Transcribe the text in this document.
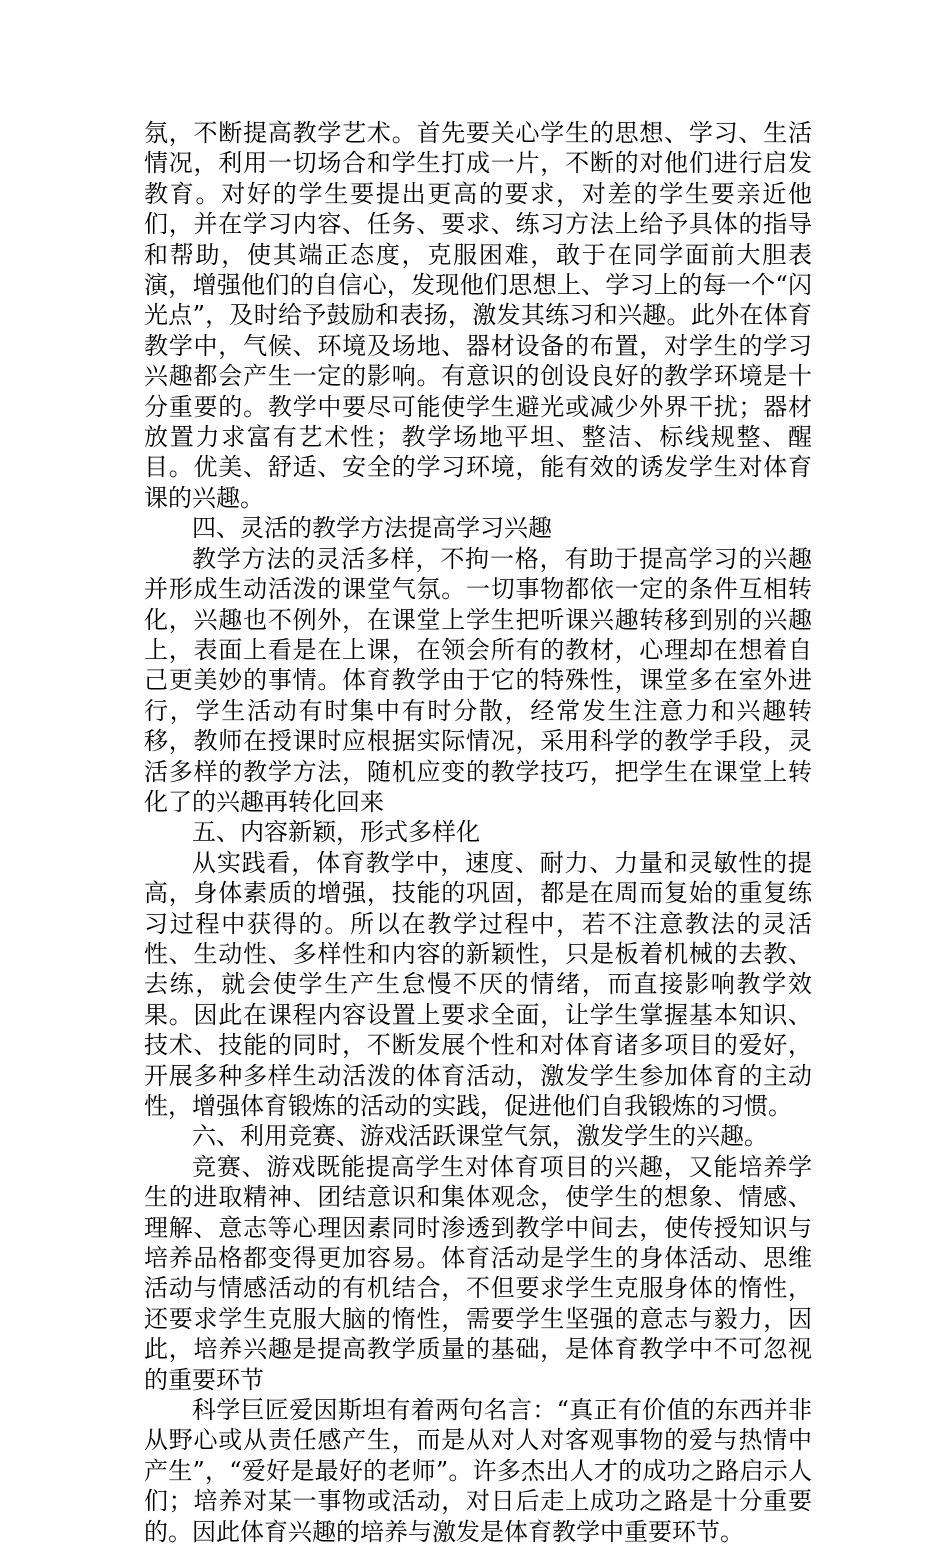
氛，不断提高教学艺术。首先要关心学生的思想、学习、生活情况，利用一切场合和学生打成一片，不断的对他们进行启发教育。对好的学生要提出更高的要求，对差的学生要亲近他们，并在学习内容、任务、要求、练习方法上给予具体的指导和帮助，使其端正态度，克服困难，敢于在同学面前大胆表演，增强他们的自信心，发现他们思想上、学习上的每一个“闪光点”，及时给予鼓励和表扬，激发其练习和兴趣。此外在体育教学中，气候、环境及场地、器材设备的布置，对学生的学习兴趣都会产生一定的影响。有意识的创设良好的教学环境是十分重要的。教学中要尽可能使学生避光或减少外界干扰；器材放置力求富有艺术性；教学场地平坦、整洁、标线规整、醒目。优美、舒适、安全的学习环境，能有效的诱发学生对体育课的兴趣。

四、灵活的教学方法提高学习兴趣

教学方法的灵活多样，不拘一格，有助于提高学习的兴趣并形成生动活泼的课堂气氛。一切事物都依一定的条件互相转化，兴趣也不例外，在课堂上学生把听课兴趣转移到别的兴趣上，表面上看是在上课，在领会所有的教材，心理却在想着自己更美妙的事情。体育教学由于它的特殊性，课堂多在室外进行，学生活动有时集中有时分散，经常发生注意力和兴趣转移，教师在授课时应根据实际情况，采用科学的教学手段，灵活多样的教学方法，随机应变的教学技巧，把学生在课堂上转化了的兴趣再转化回来

五、内容新颖，形式多样化

从实践看，体育教学中，速度、耐力、力量和灵敏性的提高，身体素质的增强，技能的巩固，都是在周而复始的重复练习过程中获得的。所以在教学过程中，若不注意教法的灵活性、生动性、多样性和内容的新颖性，只是板着机械的去教、去练，就会使学生产生怠慢不厌的情绪，而直接影响教学效果。因此在课程内容设置上要求全面，让学生掌握基本知识、技术、技能的同时，不断发展个性和对体育诸多项目的爱好，开展多种多样生动活泼的体育活动，激发学生参加体育的主动性，增强体育锻炼的活动的实践，促进他们自我锻炼的习惯。

六、利用竞赛、游戏活跃课堂气氛，激发学生的兴趣。

竞赛、游戏既能提高学生对体育项目的兴趣，又能培养学生的进取精神、团结意识和集体观念，使学生的想象、情感、理解、意志等心理因素同时渗透到教学中间去，使传授知识与培养品格都变得更加容易。体育活动是学生的身体活动、思维活动与情感活动的有机结合，不但要求学生克服身体的惰性，还要求学生克服大脑的惰性，需要学生坚强的意志与毅力，因此，培养兴趣是提高教学质量的基础，是体育教学中不可忽视的重要环节

科学巨匠爱因斯坦有着两句名言：“真正有价值的东西并非从野心或从责任感产生，而是从对人对客观事物的爱与热情中产生”，“爱好是最好的老师”。许多杰出人才的成功之路启示人们；培养对某一事物或活动，对日后走上成功之路是十分重要的。因此体育兴趣的培养与激发是体育教学中重要环节。
